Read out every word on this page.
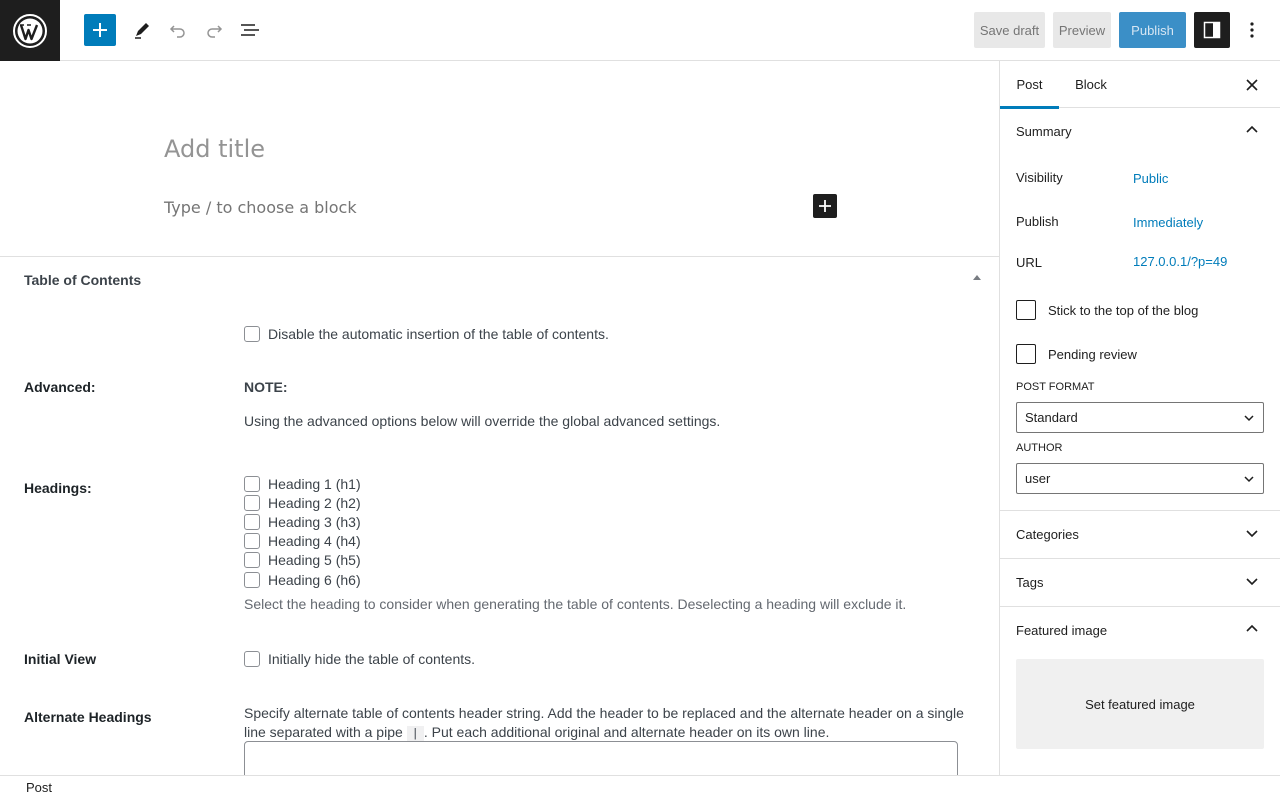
Save draft	Preview	Publish
Add title
Type / to choose a block
Table of Contents
Disable the automatic insertion of the table of contents.
Advanced:	NOTE:
Using the advanced options below will override the global advanced settings.
Headings:	Heading 1 (h1)
Heading 2 (h2)
Heading 3 (h3)
Heading 4 (h4)
Heading 5 (h5)
Heading 6 (h6)
Select the heading to consider when generating the table of contents. Deselecting a heading will exclude it.
Initial View	Initially hide the table of contents.
Alternate Headings	Specify alternate table of contents header string. Add the header to be replaced and the alternate header on a single
line separated with a pipe | . Put each additional original and alternate header on its own line.
Post
Post	Block
Summary
Visibility	Public
Publish	Immediately
URL	127.0.0.1/?p=49
Stick to the top of the blog
Pending review
POST FORMAT
Standard
AUTHOR
user
Categories
Tags
Featured image
Set featured image
